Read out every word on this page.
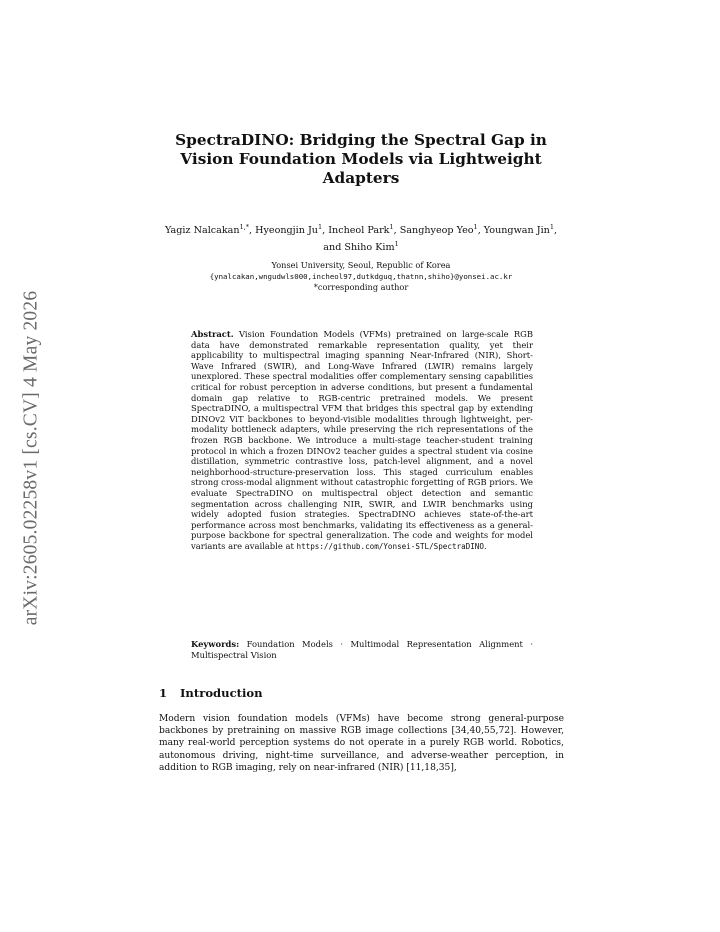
arXiv:2605.02258v1 [cs.CV] 4 May 2026
SpectraDINO: Bridging the Spectral Gap in
Vision Foundation Models via Lightweight
Adapters

Yagiz Nalcakan$^{1,*}$, Hyeongjin Ju$^1$, Incheol Park$^1$, Sanghyeop Yeo$^1$, Youngwan Jin$^1$, and Shiho Kim$^1$

Yonsei University, Seoul, Republic of Korea
{ynalcakan,wngudwls000,incheol97,dutkdguq,thatnn,shiho}@yonsei.ac.kr
*corresponding author

Abstract. Vision Foundation Models (VFMs) pretrained on large-scale RGB data have demonstrated remarkable representation quality, yet their applicability to multispectral imaging spanning Near-Infrared (NIR), Short-Wave Infrared (SWIR), and Long-Wave Infrared (LWIR) remains largely unexplored. These spectral modalities offer complementary sensing capabilities critical for robust perception in adverse conditions, but present a fundamental domain gap relative to RGB-centric pretrained models. We present SpectraDINO, a multispectral VFM that bridges this spectral gap by extending DINOv2 ViT backbones to beyond-visible modalities through lightweight, per-modality bottleneck adapters, while preserving the rich representations of the frozen RGB backbone. We introduce a multi-stage teacher-student training protocol in which a frozen DINOv2 teacher guides a spectral student via cosine distillation, symmetric contrastive loss, patch-level alignment, and a novel neighborhood-structure-preservation loss. This staged curriculum enables strong cross-modal alignment without catastrophic forgetting of RGB priors. We evaluate SpectraDINO on multispectral object detection and semantic segmentation across challenging NIR, SWIR, and LWIR benchmarks using widely adopted fusion strategies. SpectraDINO achieves state-of-the-art performance across most benchmarks, validating its effectiveness as a general-purpose backbone for spectral generalization. The code and weights for model variants are available at https://github.com/Yonsei-STL/SpectraDINO.

Keywords: Foundation Models · Multimodal Representation Alignment · Multispectral Vision

1 Introduction

Modern vision foundation models (VFMs) have become strong general-purpose backbones by pretraining on massive RGB image collections [34,40,55,72]. However, many real-world perception systems do not operate in a purely RGB world. Robotics, autonomous driving, night-time surveillance, and adverse-weather perception, in addition to RGB imaging, rely on near-infrared (NIR) [11,18,35],
